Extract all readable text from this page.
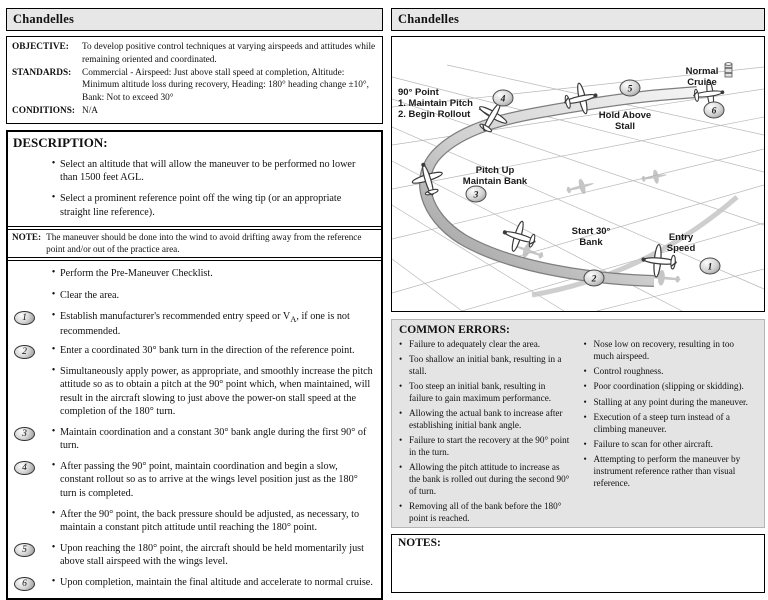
Chandelles
OBJECTIVE:	To develop positive control techniques at varying airspeeds and attitudes while remaining oriented and coordinated.
STANDARDS:	Commercial - Airspeed: Just above stall speed at completion, Altitude: Minimum altitude loss during recovery, Heading: 180° heading change ±10°, Bank: Not to exceed 30°
CONDITIONS: N/A
DESCRIPTION:
• Select an altitude that will allow the maneuver to be performed no lower than 1500 feet AGL.
• Select a prominent reference point off the wing tip (or an appropriate straight line reference).
NOTE: The maneuver should be done into the wind to avoid drifting away from the reference point and/or out of the practice area.
• Perform the Pre-Maneuver Checklist.
• Clear the area.
1	• Establish manufacturer's recommended entry speed or $V_A$, if one is not recommended.
2	• Enter a coordinated 30° bank turn in the direction of the reference point.
• Simultaneously apply power, as appropriate, and smoothly increase the pitch attitude so as to obtain a pitch at the 90° point which, when maintained, will result in the aircraft slowing to just above the power-on stall speed at the completion of the 180° turn.
3	• Maintain coordination and a constant 30° bank angle during the first 90° of turn.
4	• After passing the 90° point, maintain coordination and begin a slow, constant rollout so as to arrive at the wings level position just as the 180° turn is completed.
• After the 90° point, the back pressure should be adjusted, as necessary, to maintain a constant pitch attitude until reaching the 180° point.
5	• Upon reaching the 180° point, the aircraft should be held momentarily just above stall airspeed with the wings level.
6	• Upon completion, maintain the final altitude and accelerate to normal cruise.
Chandelles
1
2
3
4
5
6
90° Point
1. Maintain Pitch
2. Begin Rollout
Normal
Cruise
Hold Above
Stall
Pitch Up
Maintain Bank
Start 30°
Bank	Entry
Speed
COMMON ERRORS:
• Failure to adequately clear the area.
• Too shallow an initial bank, resulting in a stall.
• Too steep an initial bank, resulting in failure to gain maximum performance.
• Allowing the actual bank to increase after establishing initial bank angle.
• Failure to start the recovery at the 90° point in the turn.
• Allowing the pitch attitude to increase as the bank is rolled out during the second 90° of turn.
• Removing all of the bank before the 180° point is reached.
• Nose low on recovery, resulting in too much airspeed.
• Control roughness.
• Poor coordination (slipping or skidding).
• Stalling at any point during the maneuver.
• Execution of a steep turn instead of a climbing maneuver.
• Failure to scan for other aircraft.
• Attempting to perform the maneuver by instrument reference rather than visual reference.
NOTES:
